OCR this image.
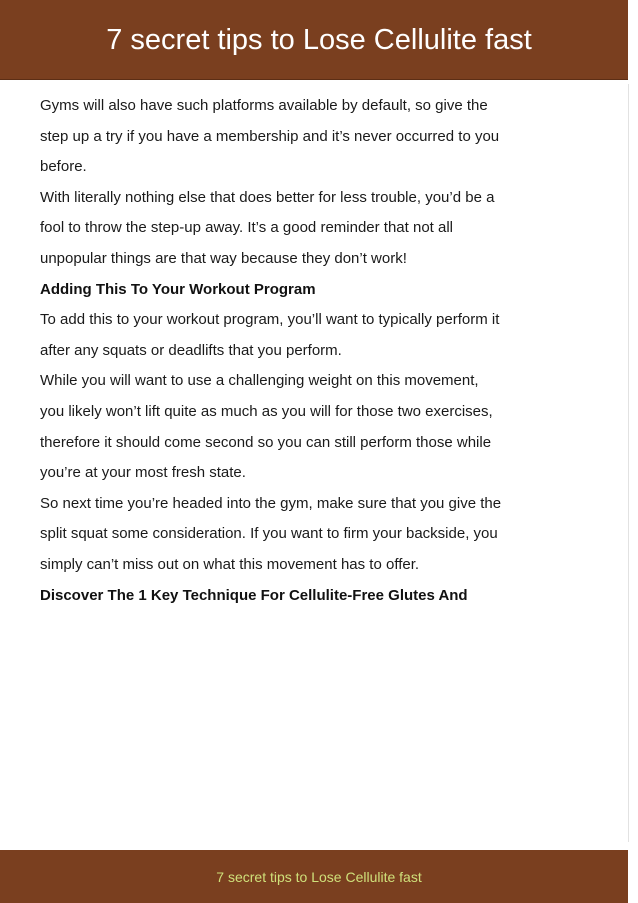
7 secret tips to Lose Cellulite fast
Gyms will also have such platforms available by default, so give the
step up a try if you have a membership and it’s never occurred to you
before.
With literally nothing else that does better for less trouble, you’d be a
fool to throw the step-up away. It’s a good reminder that not all
unpopular things are that way because they don’t work!
Adding This To Your Workout Program
To add this to your workout program, you’ll want to typically perform it
after any squats or deadlifts that you perform.
While you will want to use a challenging weight on this movement,
you likely won’t lift quite as much as you will for those two exercises,
therefore it should come second so you can still perform those while
you’re at your most fresh state.
So next time you’re headed into the gym, make sure that you give the
split squat some consideration. If you want to firm your backside, you
simply can’t miss out on what this movement has to offer.
Discover The 1 Key Technique For Cellulite-Free Glutes And
7 secret tips to Lose Cellulite fast
